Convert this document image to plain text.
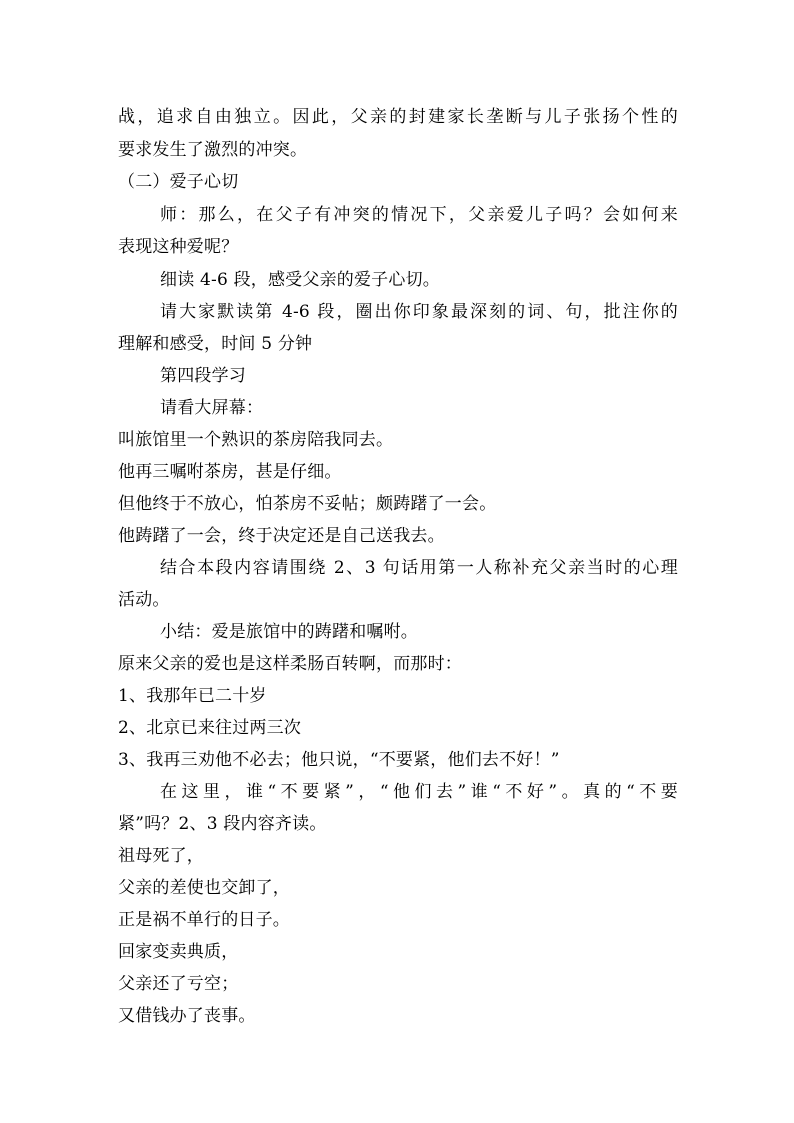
战，追求自由独立。因此，父亲的封建家长垄断与儿子张扬个性的
要求发生了激烈的冲突。
（二）爱子心切
师：那么，在父子有冲突的情况下，父亲爱儿子吗？会如何来
表现这种爱呢？
细读 4-6 段，感受父亲的爱子心切。
请大家默读第 4-6 段，圈出你印象最深刻的词、句，批注你的
理解和感受，时间 5 分钟
第四段学习
请看大屏幕：
叫旅馆里一个熟识的茶房陪我同去。
他再三嘱咐茶房，甚是仔细。
但他终于不放心，怕茶房不妥帖；颇踌躇了一会。
他踌躇了一会，终于决定还是自己送我去。
结合本段内容请围绕 2、3 句话用第一人称补充父亲当时的心理
活动。
小结：爱是旅馆中的踌躇和嘱咐。
原来父亲的爱也是这样柔肠百转啊，而那时：
1、我那年已二十岁
2、北京已来往过两三次
3、我再三劝他不必去；他只说，“不要紧，他们去不好！”
在这里，谁“不要紧”，“他们去”谁“不好”。真的“不要
紧”吗？2、3 段内容齐读。
祖母死了，
父亲的差使也交卸了，
正是祸不单行的日子。
回家变卖典质，
父亲还了亏空；
又借钱办了丧事。
